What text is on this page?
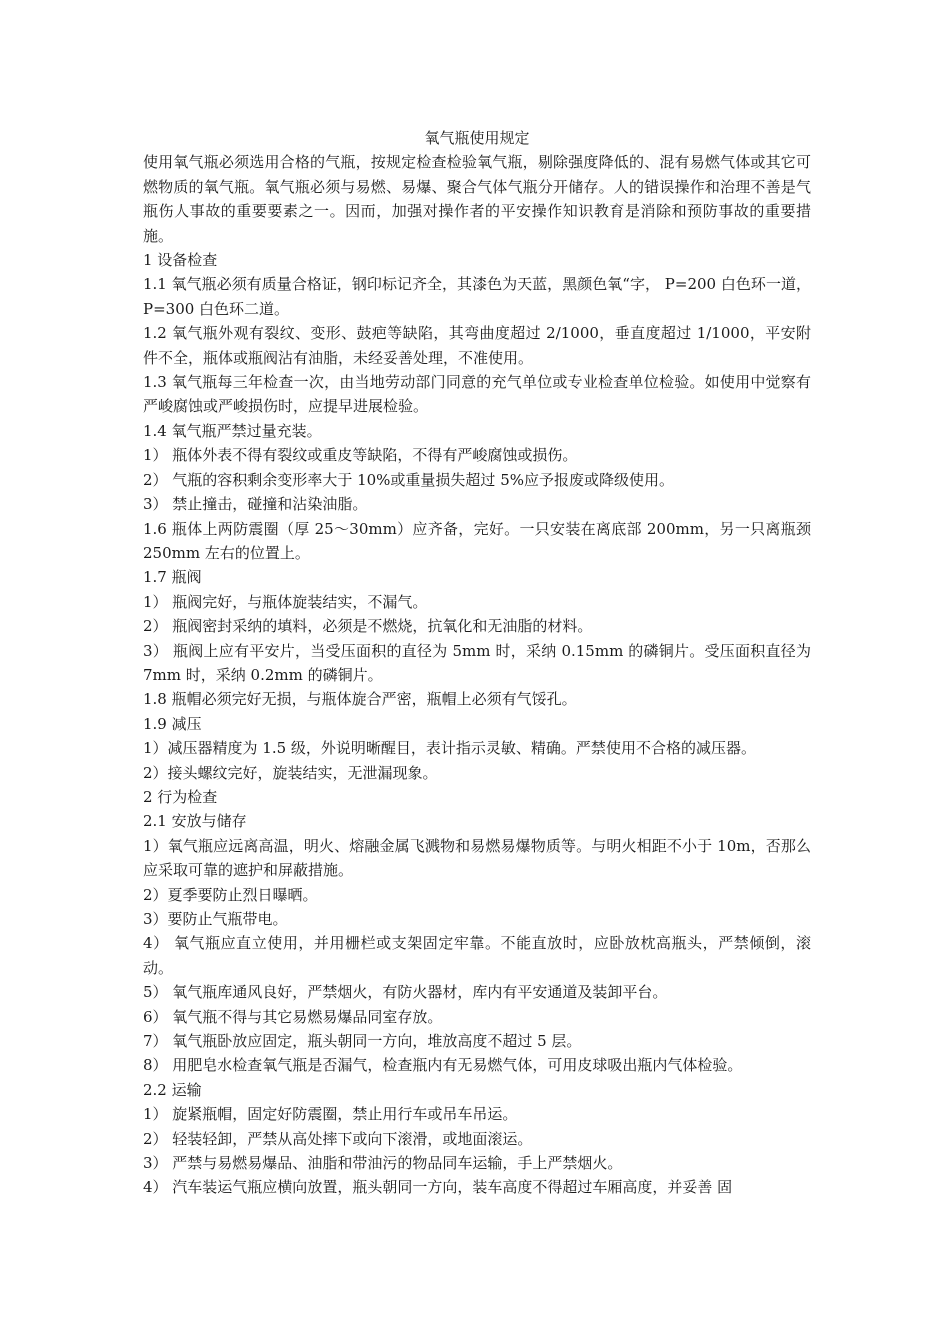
氧气瓶使用规定

使用氧气瓶必须选用合格的气瓶，按规定检查检验氧气瓶，剔除强度降低的、混有易燃气体或其它可燃物质的氧气瓶。氧气瓶必须与易燃、易爆、聚合气体气瓶分开储存。人的错误操作和治理不善是气瓶伤人事故的重要要素之一。因而，加强对操作者的平安操作知识教育是消除和预防事故的重要措施。

1 设备检查

1.1 氧气瓶必须有质量合格证，钢印标记齐全，其漆色为天蓝，黑颜色氧“字， P=200 白色环一道，P=300 白色环二道。

1.2 氧气瓶外观有裂纹、变形、鼓疤等缺陷，其弯曲度超过 2/1000，垂直度超过 1/1000，平安附件不全，瓶体或瓶阀沾有油脂，未经妥善处理，不准使用。

1.3 氧气瓶每三年检查一次，由当地劳动部门同意的充气单位或专业检查单位检验。如使用中觉察有严峻腐蚀或严峻损伤时，应提早进展检验。

1.4 氧气瓶严禁过量充装。

1） 瓶体外表不得有裂纹或重皮等缺陷，不得有严峻腐蚀或损伤。

2） 气瓶的容积剩余变形率大于 10%或重量损失超过 5%应予报废或降级使用。

3） 禁止撞击，碰撞和沾染油脂。

1.6 瓶体上两防震圈（厚 25～30mm）应齐备，完好。一只安装在离底部 200mm，另一只离瓶颈 250mm 左右的位置上。

1.7 瓶阀

1） 瓶阀完好，与瓶体旋装结实，不漏气。

2） 瓶阀密封采纳的填料，必须是不燃烧，抗氧化和无油脂的材料。

3） 瓶阀上应有平安片，当受压面积的直径为 5mm 时，采纳 0.15mm 的磷铜片。受压面积直径为 7mm 时，采纳 0.2mm 的磷铜片。

1.8 瓶帽必须完好无损，与瓶体旋合严密，瓶帽上必须有气馁孔。

1.9 减压

1）减压器精度为 1.5 级，外说明晰醒目，表计指示灵敏、精确。严禁使用不合格的减压器。

2）接头螺纹完好，旋装结实，无泄漏现象。

2 行为检查

2.1 安放与储存

1）氧气瓶应远离高温，明火、熔融金属飞溅物和易燃易爆物质等。与明火相距不小于 10m，否那么应采取可靠的遮护和屏蔽措施。

2）夏季要防止烈日曝晒。

3）要防止气瓶带电。

4） 氧气瓶应直立使用，并用栅栏或支架固定牢靠。不能直放时，应卧放枕高瓶头，严禁倾倒，滚动。

5） 氧气瓶库通风良好，严禁烟火，有防火器材，库内有平安通道及装卸平台。

6） 氧气瓶不得与其它易燃易爆品同室存放。

7） 氧气瓶卧放应固定，瓶头朝同一方向，堆放高度不超过 5 层。

8） 用肥皂水检查氧气瓶是否漏气，检查瓶内有无易燃气体，可用皮球吸出瓶内气体检验。

2.2 运输

1） 旋紧瓶帽，固定好防震圈，禁止用行车或吊车吊运。

2） 轻装轻卸，严禁从高处摔下或向下滚滑，或地面滚运。

3） 严禁与易燃易爆品、油脂和带油污的物品同车运输，手上严禁烟火。

4） 汽车装运气瓶应横向放置，瓶头朝同一方向，装车高度不得超过车厢高度，并妥善 固
